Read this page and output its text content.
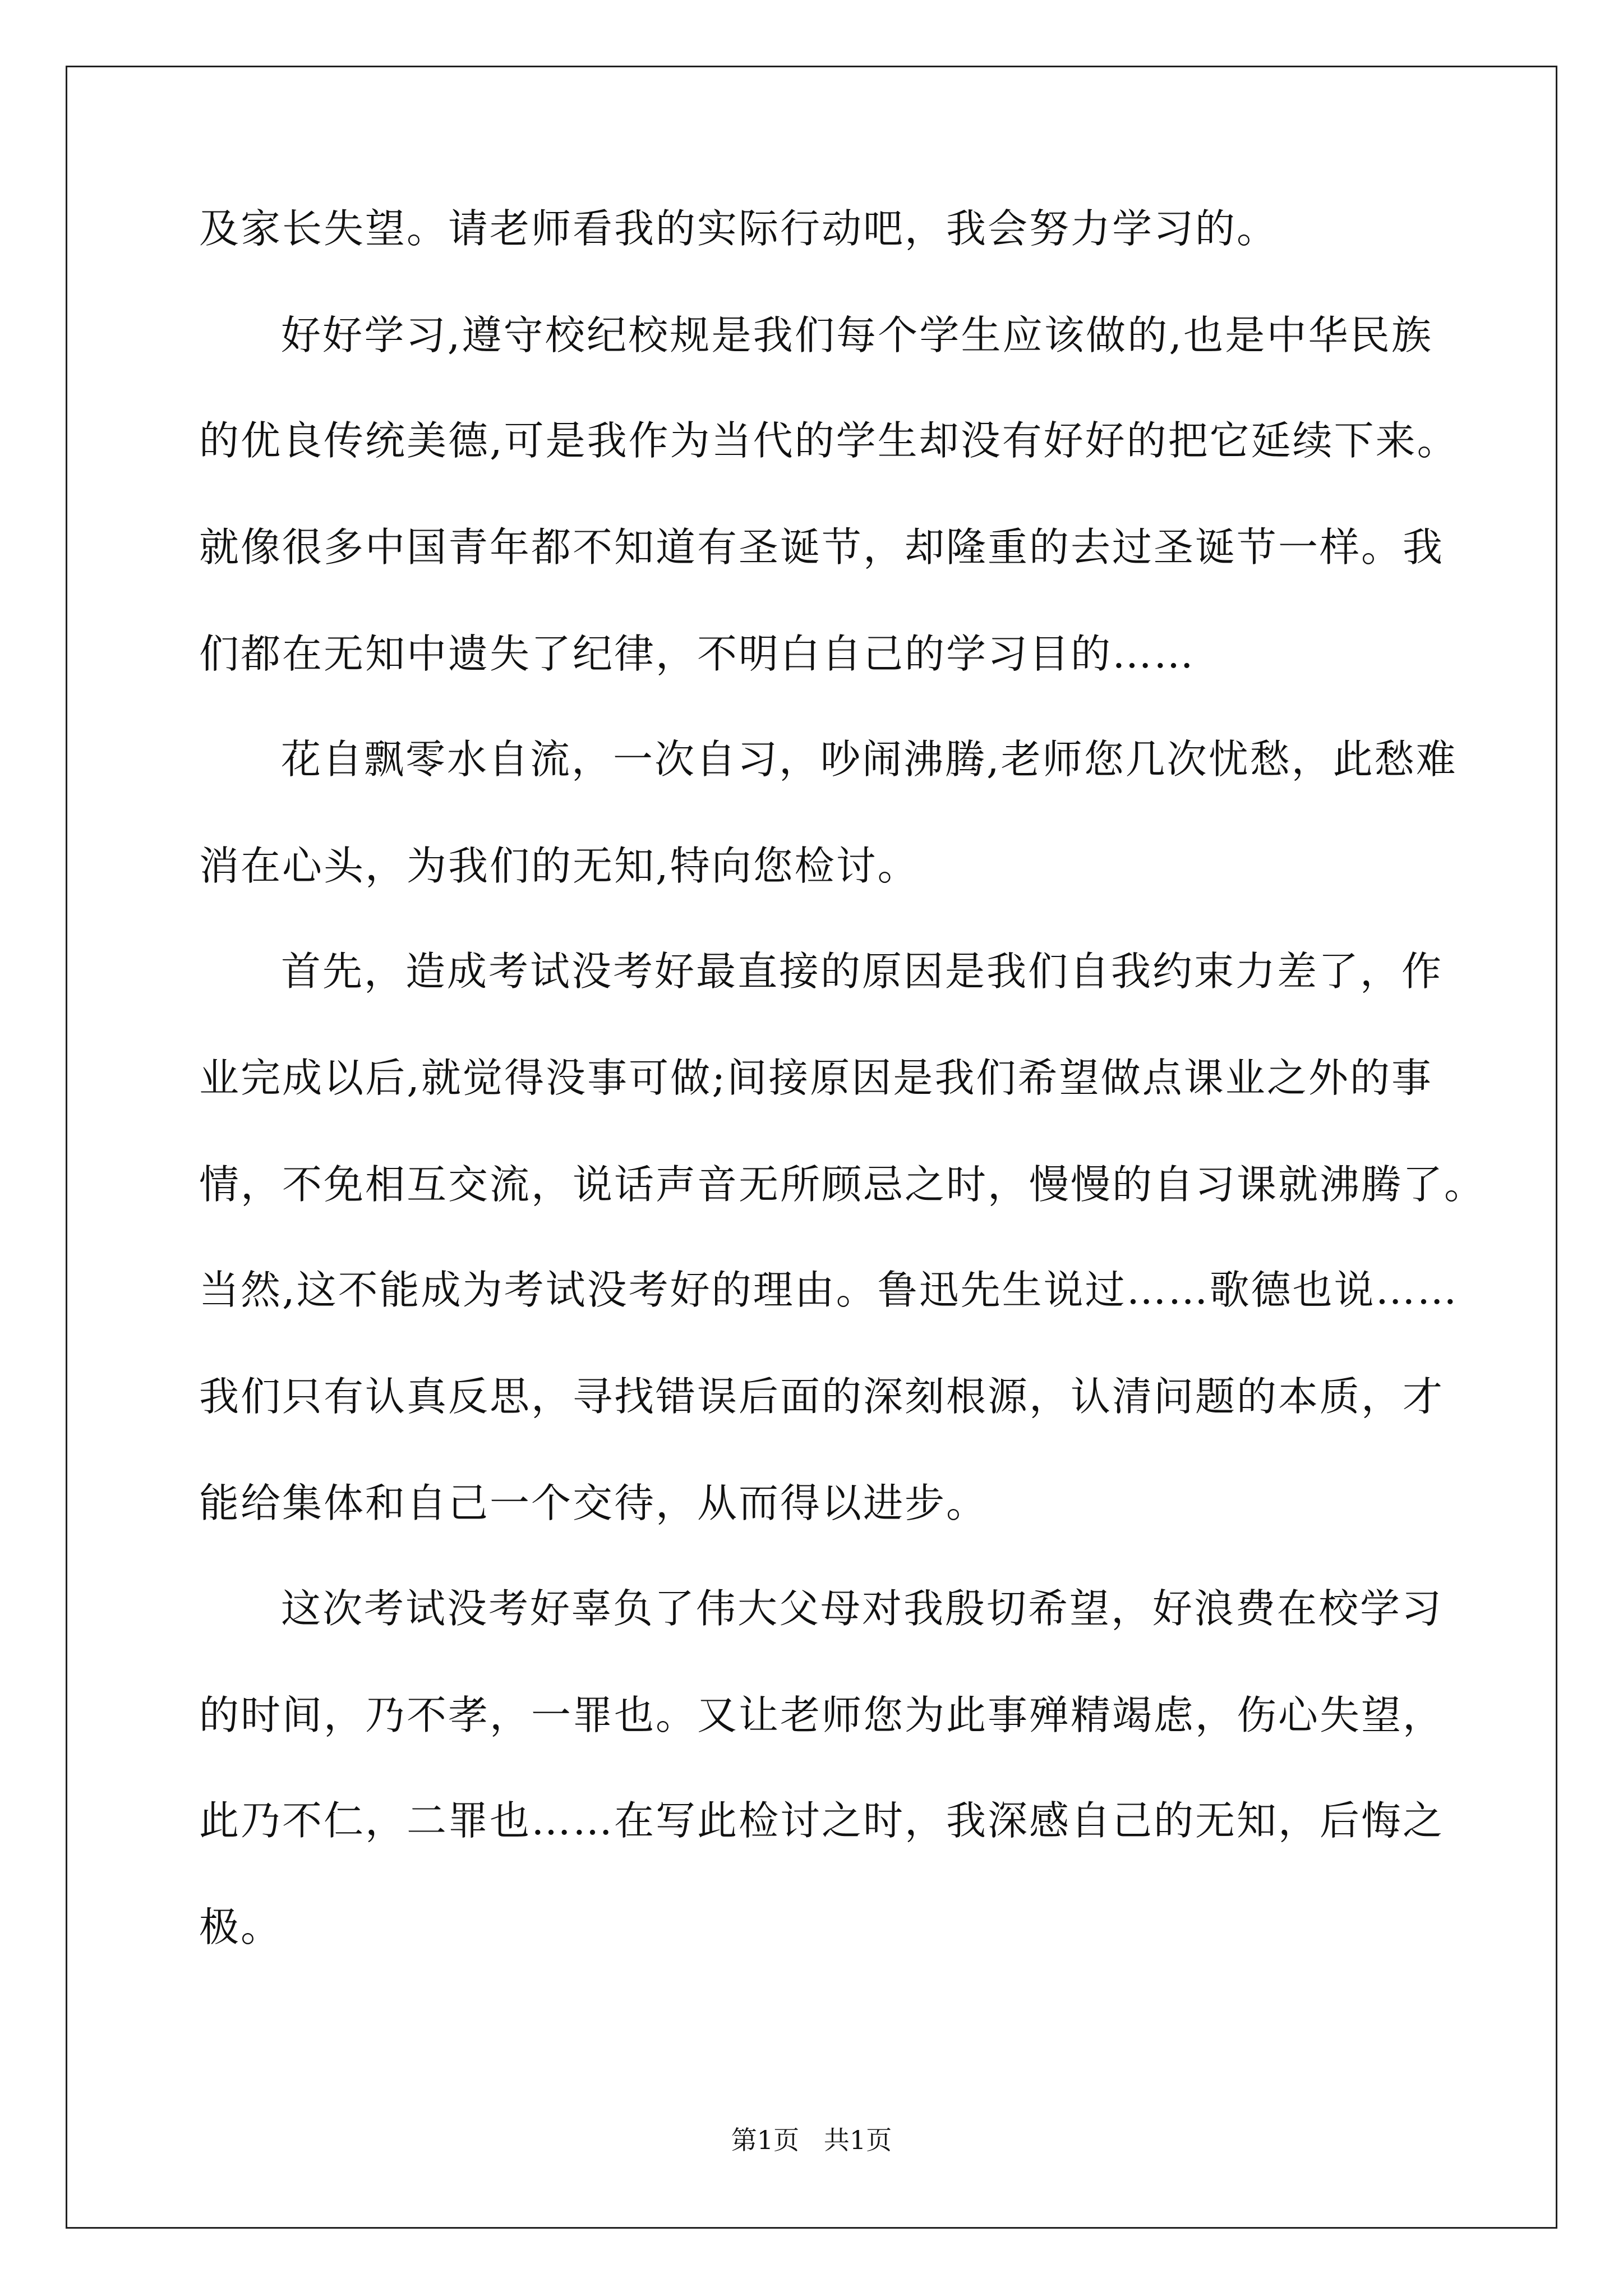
及家长失望。请老师看我的实际行动吧，我会努力学习的。
好好学习,遵守校纪校规是我们每个学生应该做的,也是中华民族
的优良传统美德,可是我作为当代的学生却没有好好的把它延续下来。
就像很多中国青年都不知道有圣诞节，却隆重的去过圣诞节一样。我
们都在无知中遗失了纪律，不明白自己的学习目的……
花自飘零水自流，一次自习，吵闹沸腾,老师您几次忧愁，此愁难
消在心头，为我们的无知,特向您检讨。
首先，造成考试没考好最直接的原因是我们自我约束力差了，作
业完成以后,就觉得没事可做;间接原因是我们希望做点课业之外的事
情，不免相互交流，说话声音无所顾忌之时，慢慢的自习课就沸腾了。
当然,这不能成为考试没考好的理由。鲁迅先生说过……歌德也说……
我们只有认真反思，寻找错误后面的深刻根源，认清问题的本质，才
能给集体和自己一个交待，从而得以进步。
这次考试没考好辜负了伟大父母对我殷切希望，好浪费在校学习
的时间，乃不孝，一罪也。又让老师您为此事殚精竭虑，伤心失望，
此乃不仁，二罪也……在写此检讨之时，我深感自己的无知，后悔之
极。
第1页   共1页
